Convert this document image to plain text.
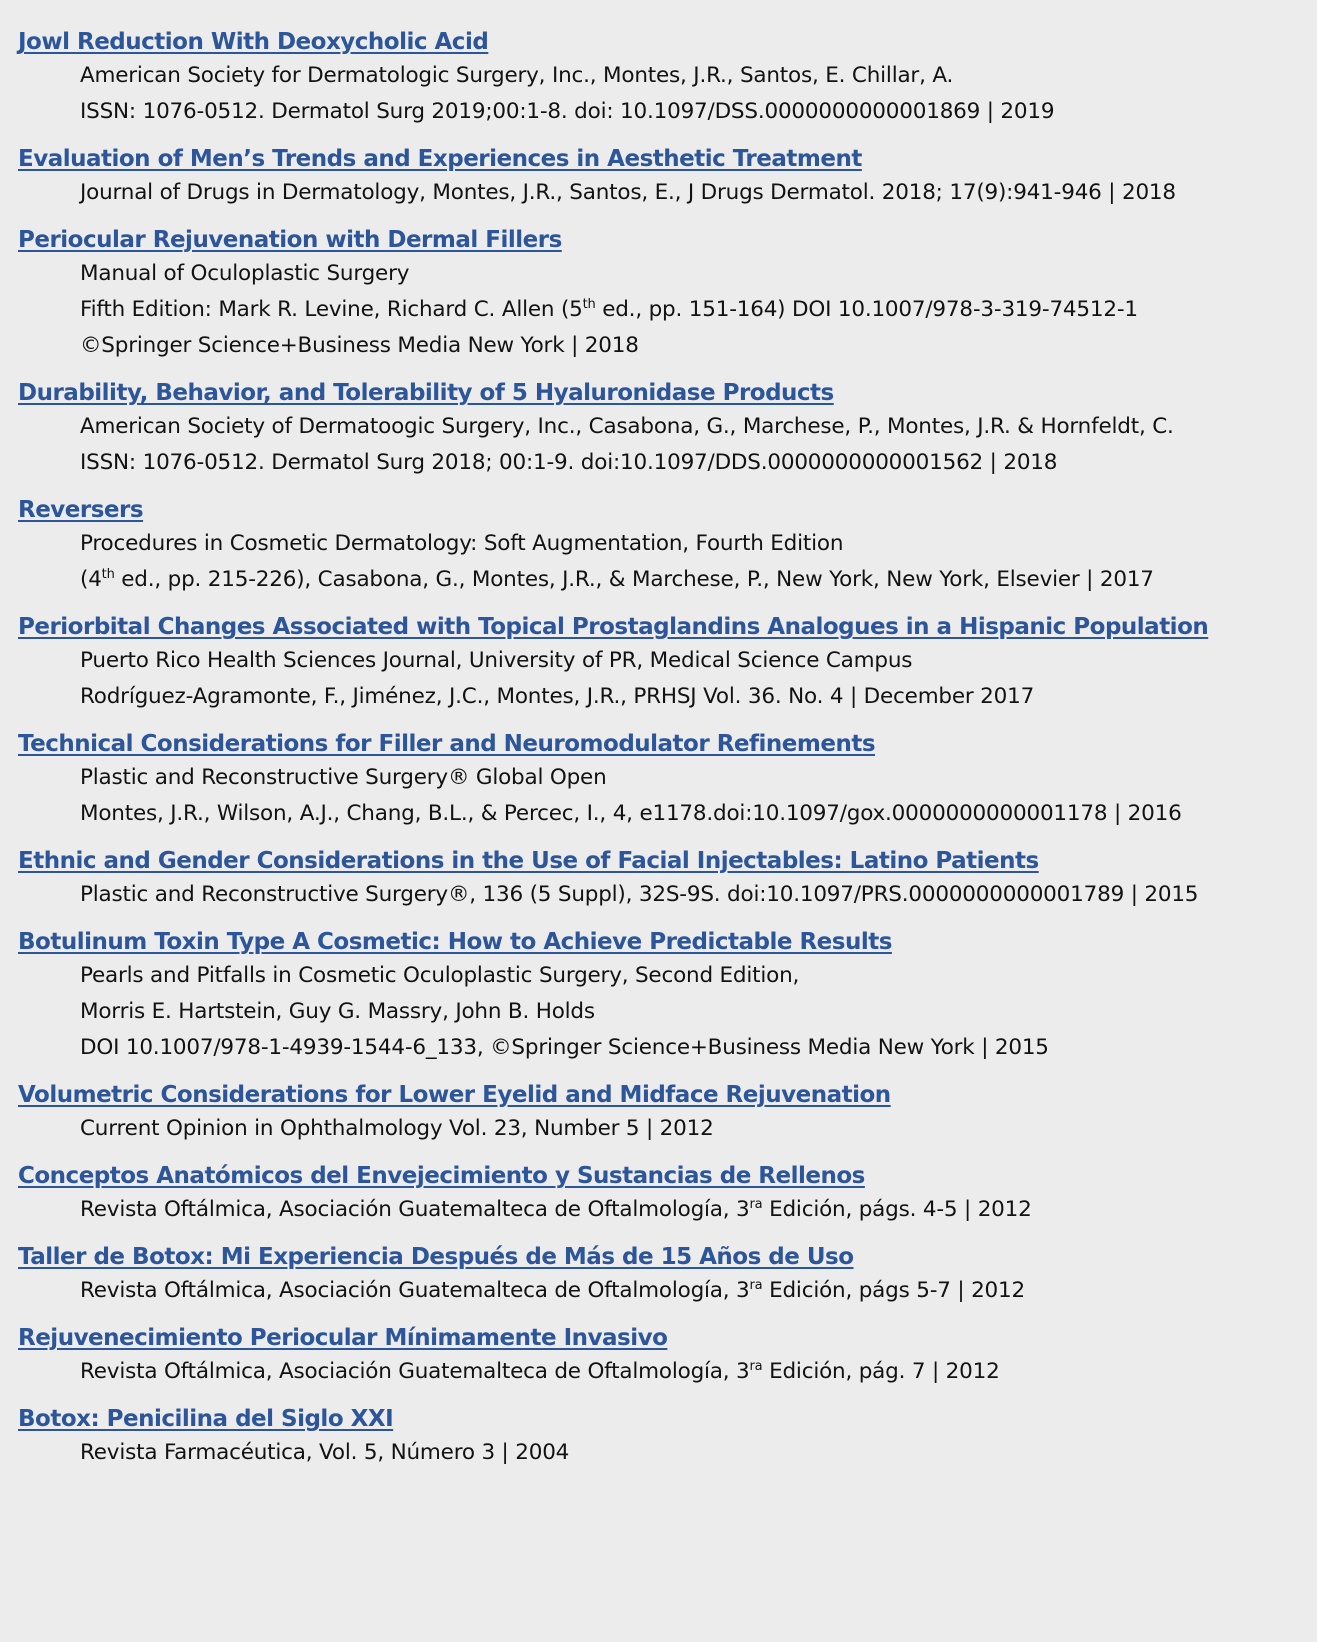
Jowl Reduction With Deoxycholic Acid
American Society for Dermatologic Surgery, Inc., Montes, J.R., Santos, E. Chillar, A.
ISSN: 1076-0512. Dermatol Surg 2019;00:1-8. doi: 10.1097/DSS.0000000000001869 | 2019
Evaluation of Men’s Trends and Experiences in Aesthetic Treatment
Journal of Drugs in Dermatology, Montes, J.R., Santos, E., J Drugs Dermatol. 2018; 17(9):941-946 | 2018
Periocular Rejuvenation with Dermal Fillers
Manual of Oculoplastic Surgery
Fifth Edition: Mark R. Levine, Richard C. Allen (5th ed., pp. 151-164) DOI 10.1007/978-3-319-74512-1
©Springer Science+Business Media New York | 2018
Durability, Behavior, and Tolerability of 5 Hyaluronidase Products
American Society of Dermatoogic Surgery, Inc., Casabona, G., Marchese, P., Montes, J.R. & Hornfeldt, C.
ISSN: 1076-0512. Dermatol Surg 2018; 00:1-9. doi:10.1097/DDS.0000000000001562 | 2018
Reversers
Procedures in Cosmetic Dermatology: Soft Augmentation, Fourth Edition
(4th ed., pp. 215-226), Casabona, G., Montes, J.R., & Marchese, P., New York, New York, Elsevier | 2017
Periorbital Changes Associated with Topical Prostaglandins Analogues in a Hispanic Population
Puerto Rico Health Sciences Journal, University of PR, Medical Science Campus
Rodríguez-Agramonte, F., Jiménez, J.C., Montes, J.R., PRHSJ Vol. 36. No. 4 | December 2017
Technical Considerations for Filler and Neuromodulator Refinements
Plastic and Reconstructive Surgery® Global Open
Montes, J.R., Wilson, A.J., Chang, B.L., & Percec, I., 4, e1178.doi:10.1097/gox.0000000000001178 | 2016
Ethnic and Gender Considerations in the Use of Facial Injectables: Latino Patients
Plastic and Reconstructive Surgery®, 136 (5 Suppl), 32S-9S. doi:10.1097/PRS.0000000000001789 | 2015
Botulinum Toxin Type A Cosmetic: How to Achieve Predictable Results
Pearls and Pitfalls in Cosmetic Oculoplastic Surgery, Second Edition,
Morris E. Hartstein, Guy G. Massry, John B. Holds
DOI 10.1007/978-1-4939-1544-6_133, ©Springer Science+Business Media New York | 2015
Volumetric Considerations for Lower Eyelid and Midface Rejuvenation
Current Opinion in Ophthalmology Vol. 23, Number 5 | 2012
Conceptos Anatómicos del Envejecimiento y Sustancias de Rellenos
Revista Oftálmica, Asociación Guatemalteca de Oftalmología, $3^{ra}$ Edición, págs. 4-5 | 2012
Taller de Botox: Mi Experiencia Después de Más de 15 Años de Uso
Revista Oftálmica, Asociación Guatemalteca de Oftalmología, $3^{ra}$ Edición, págs 5-7 | 2012
Rejuvenecimiento Periocular Mínimamente Invasivo
Revista Oftálmica, Asociación Guatemalteca de Oftalmología, $3^{ra}$ Edición, pág. 7 | 2012
Botox: Penicilina del Siglo XXI
Revista Farmacéutica, Vol. 5, Número 3 | 2004
